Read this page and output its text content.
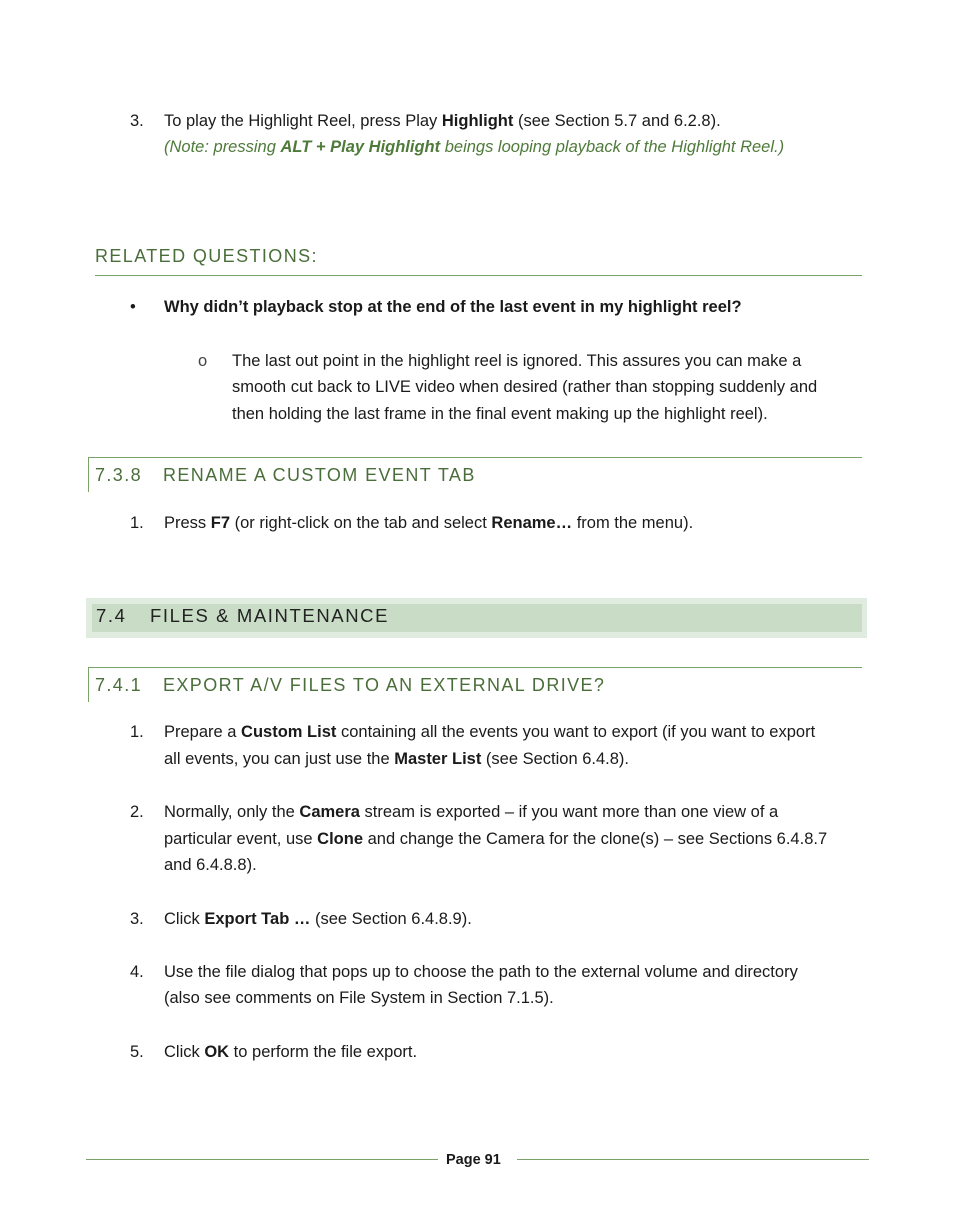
3.	To play the Highlight Reel, press Play Highlight (see Section 5.7 and 6.2.8).
(Note: pressing ALT + Play Highlight beings looping playback of the Highlight Reel.)
RELATED QUESTIONS:
• Why didn’t playback stop at the end of the last event in my highlight reel?
o The last out point in the highlight reel is ignored. This assures you can make a
smooth cut back to LIVE video when desired (rather than stopping suddenly and
then holding the last frame in the final event making up the highlight reel).
7.3.8 RENAME A CUSTOM EVENT TAB
1. Press F7 (or right-click on the tab and select Rename… from the menu).
7.4 FILES & MAINTENANCE
7.4.1 EXPORT A/V FILES TO AN EXTERNAL DRIVE?
1. Prepare a Custom List containing all the events you want to export (if you want to export
all events, you can just use the Master List (see Section 6.4.8).
2. Normally, only the Camera stream is exported – if you want more than one view of a
particular event, use Clone and change the Camera for the clone(s) – see Sections 6.4.8.7
and 6.4.8.8).
3. Click Export Tab … (see Section 6.4.8.9).
4. Use the file dialog that pops up to choose the path to the external volume and directory
(also see comments on File System in Section 7.1.5).
5. Click OK to perform the file export.
Page 91
